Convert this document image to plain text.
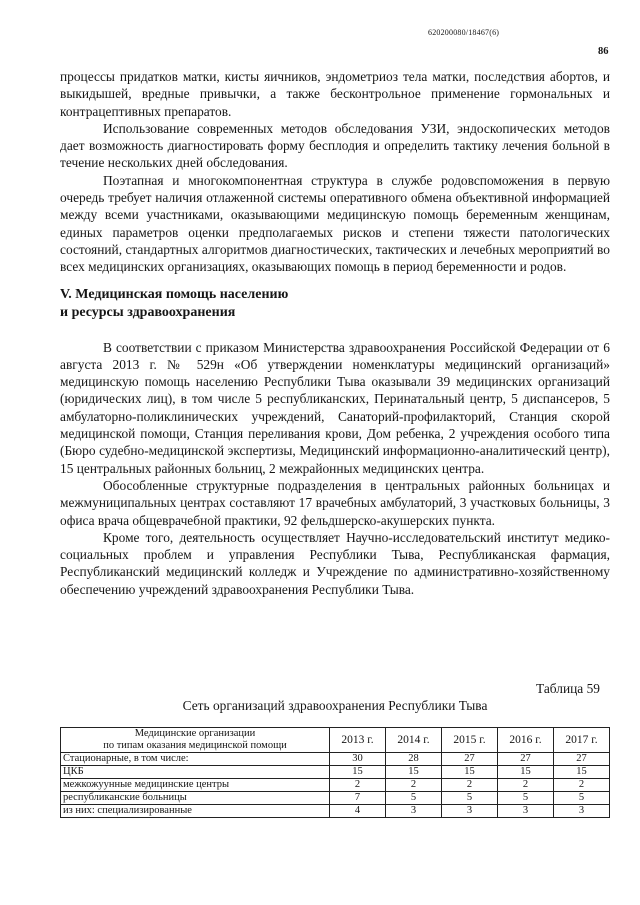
620200080/18467(6)
86

процессы придатков матки, кисты яичников, эндометриоз тела матки, последствия абортов, и выкидышей, вредные привычки, а также бесконтрольное применение гормональных и контрацептивных препаратов.

Использование современных методов обследования УЗИ, эндоскопических методов дает возможность диагностировать форму бесплодия и определить тактику лечения больной в течение нескольких дней обследования.

Поэтапная и многокомпонентная структура в службе родовспоможения в первую очередь требует наличия отлаженной системы оперативного обмена объективной информацией между всеми участниками, оказывающими медицинскую помощь беременным женщинам, единых параметров оценки предполагаемых рисков и степени тяжести патологических состояний, стандартных алгоритмов диагностических, тактических и лечебных мероприятий во всех медицинских организациях, оказывающих помощь в период беременности и родов.

V. Медицинская помощь населению
и ресурсы здравоохранения

В соответствии с приказом Министерства здравоохранения Российской Федерации от 6 августа 2013 г. № 529н «Об утверждении номенклатуры медицинский организаций» медицинскую помощь населению Республики Тыва оказывали 39 медицинских организаций (юридических лиц), в том числе 5 республиканских, Перинатальный центр, 5 диспансеров, 5 амбулаторно-поликлинических учреждений, Санаторий-профилакторий, Станция скорой медицинской помощи, Станция переливания крови, Дом ребенка, 2 учреждения особого типа (Бюро судебно-медицинской экспертизы, Медицинский информационно-аналитический центр), 15 центральных районных больниц, 2 межрайонных медицинских центра.

Обособленные структурные подразделения в центральных районных больницах и межмуниципальных центрах составляют 17 врачебных амбулаторий, 3 участковых больницы, 3 офиса врача общеврачебной практики, 92 фельдшерско-акушерских пункта.

Кроме того, деятельность осуществляет Научно-исследовательский институт медико-социальных проблем и управления Республики Тыва, Республиканская фармация, Республиканский медицинский колледж и Учреждение по административно-хозяйственному обеспечению учреждений здравоохранения Республики Тыва.

Таблица 59
Сеть организаций здравоохранения Республики Тыва
Медицинские организации
по типам оказания медицинской помощи	2013 г.	2014 г.	2015 г.	2016 г.	2017 г.
Стационарные, в том числе:	30	28	27	27	27
ЦКБ	15	15	15	15	15
межкожуунные медицинские центры	2	2	2	2	2
республиканские больницы	7	5	5	5	5
из них: специализированные	4	3	3	3	3
